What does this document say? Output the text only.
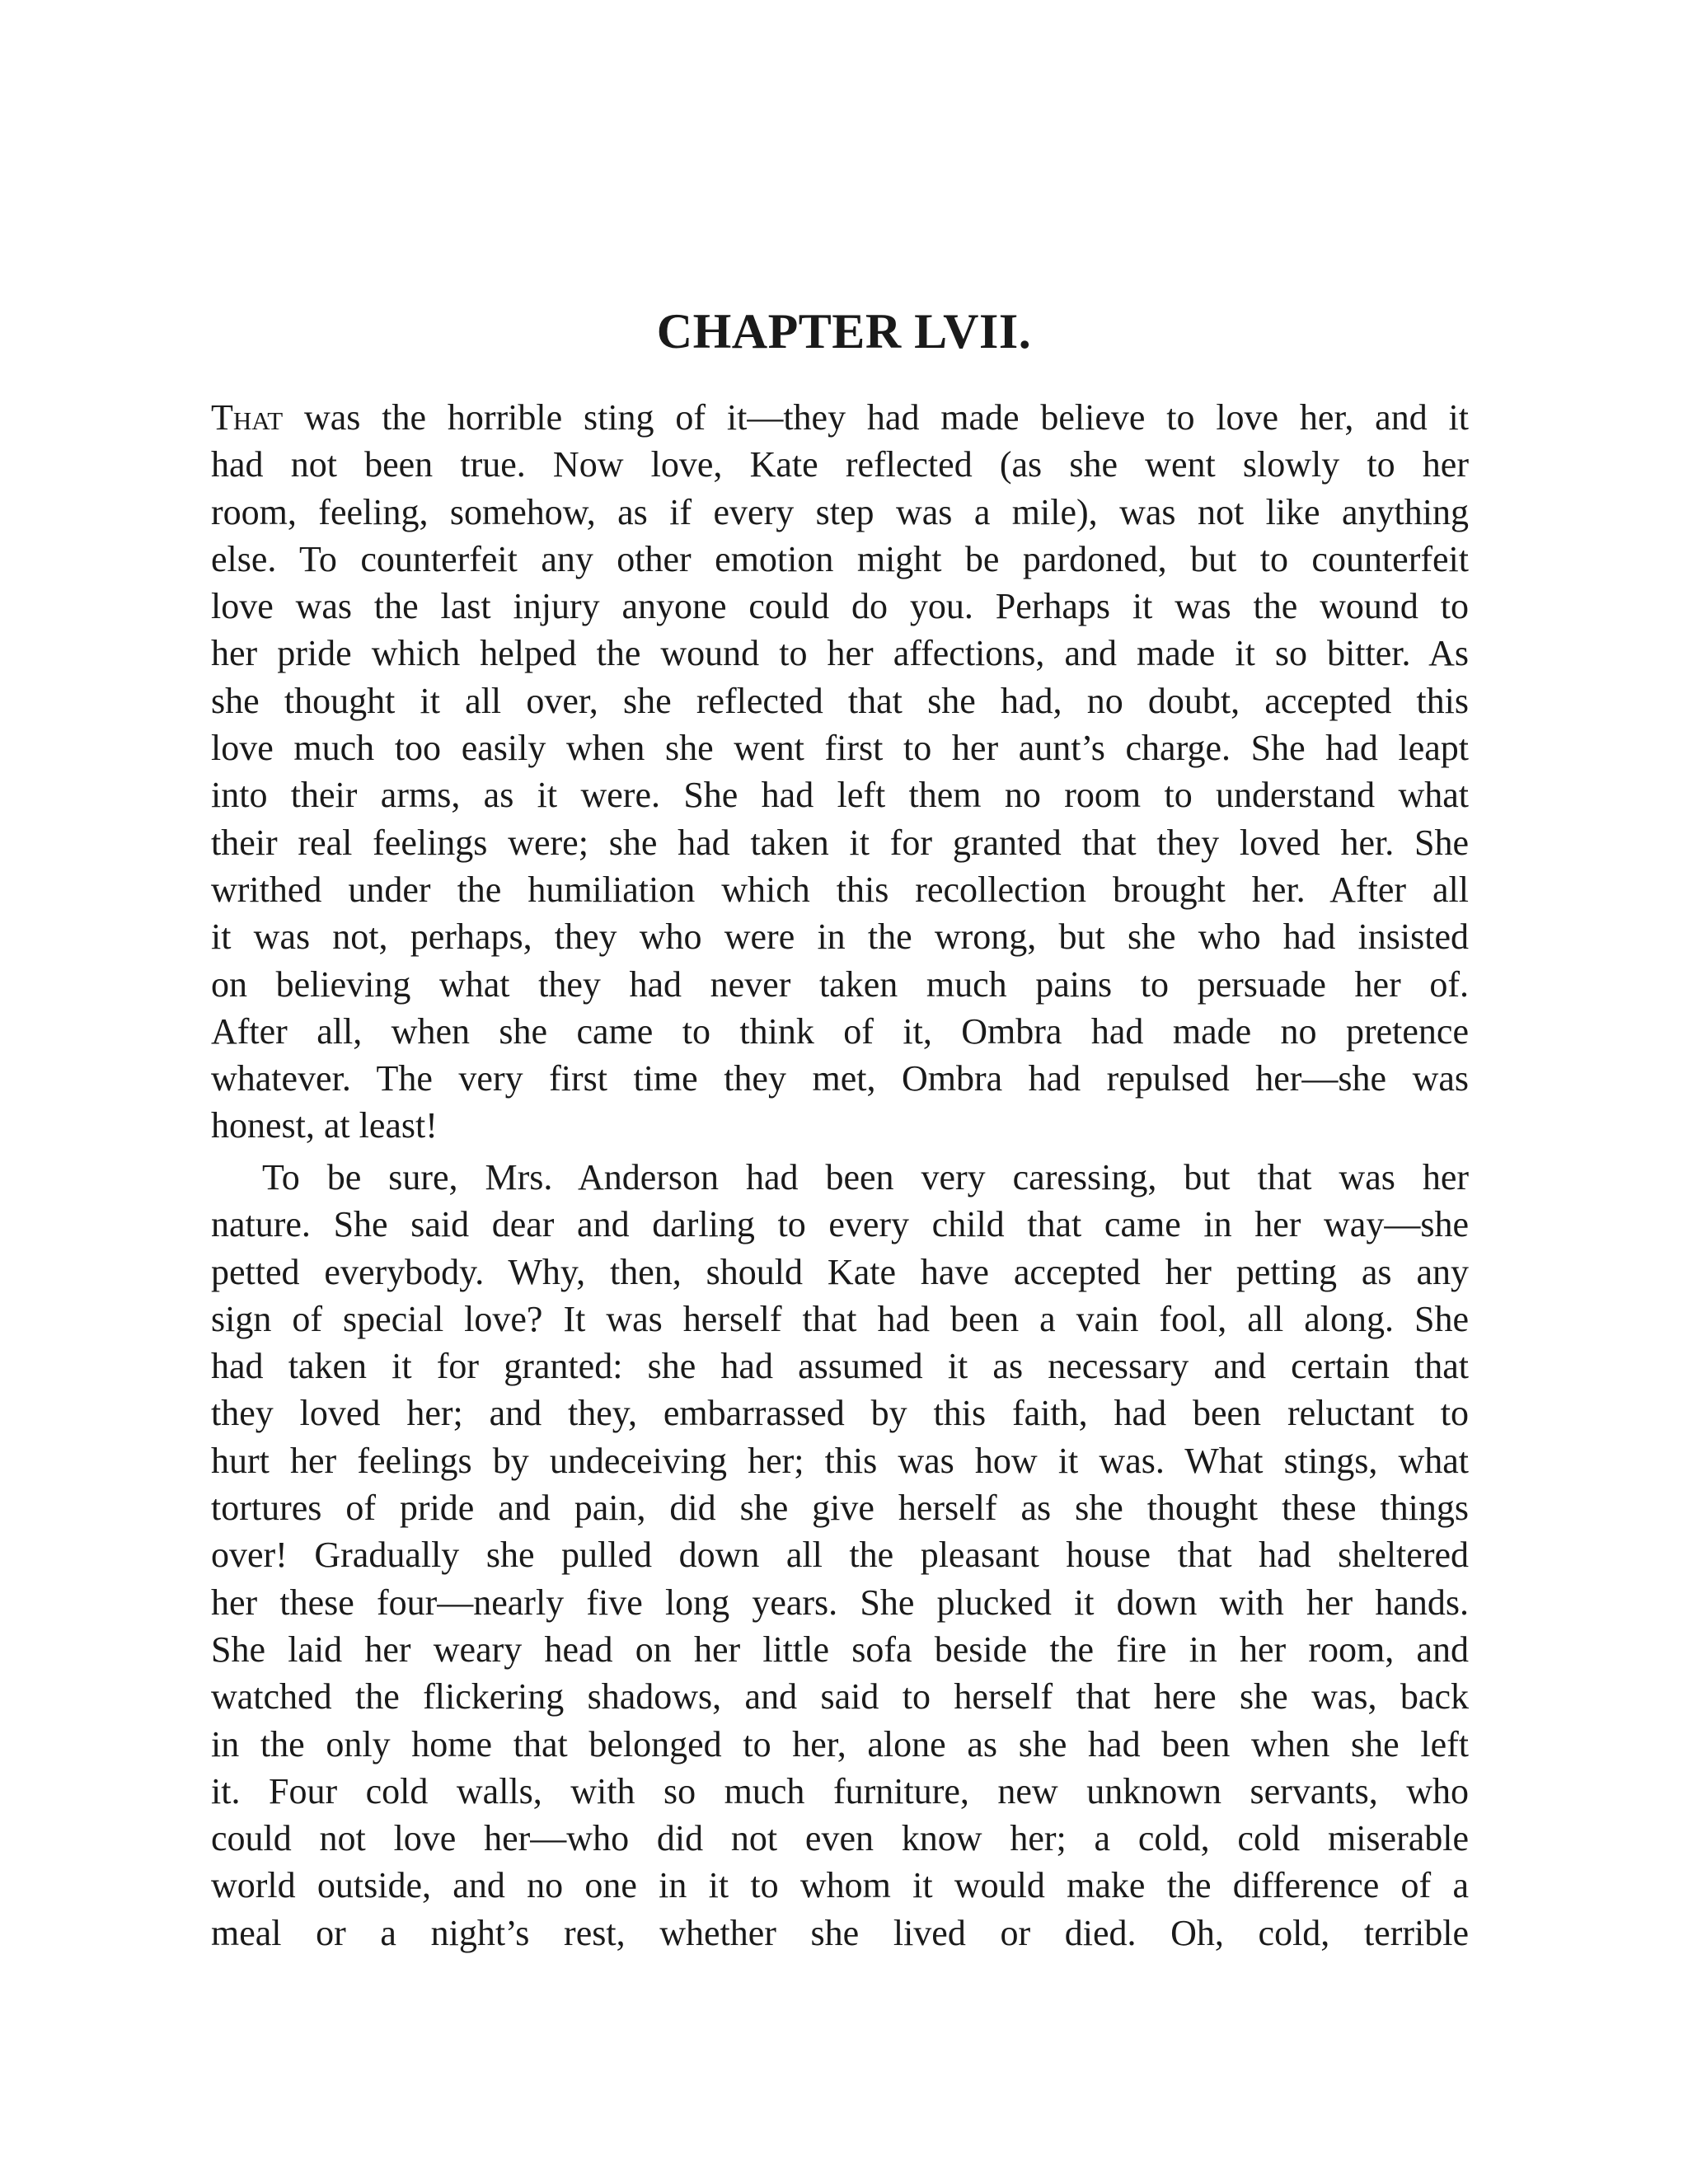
CHAPTER LVII.
That was the horrible sting of it—they had made believe to love her, and it
had not been true. Now love, Kate reflected (as she went slowly to her
room, feeling, somehow, as if every step was a mile), was not like anything
else. To counterfeit any other emotion might be pardoned, but to counterfeit
love was the last injury anyone could do you. Perhaps it was the wound to
her pride which helped the wound to her affections, and made it so bitter. As
she thought it all over, she reflected that she had, no doubt, accepted this
love much too easily when she went first to her aunt’s charge. She had leapt
into their arms, as it were. She had left them no room to understand what
their real feelings were; she had taken it for granted that they loved her. She
writhed under the humiliation which this recollection brought her. After all
it was not, perhaps, they who were in the wrong, but she who had insisted
on believing what they had never taken much pains to persuade her of.
After all, when she came to think of it, Ombra had made no pretence
whatever. The very first time they met, Ombra had repulsed her—she was
honest, at least!
To be sure, Mrs. Anderson had been very caressing, but that was her
nature. She said dear and darling to every child that came in her way—she
petted everybody. Why, then, should Kate have accepted her petting as any
sign of special love? It was herself that had been a vain fool, all along. She
had taken it for granted: she had assumed it as necessary and certain that
they loved her; and they, embarrassed by this faith, had been reluctant to
hurt her feelings by undeceiving her; this was how it was. What stings, what
tortures of pride and pain, did she give herself as she thought these things
over! Gradually she pulled down all the pleasant house that had sheltered
her these four—nearly five long years. She plucked it down with her hands.
She laid her weary head on her little sofa beside the fire in her room, and
watched the flickering shadows, and said to herself that here she was, back
in the only home that belonged to her, alone as she had been when she left
it. Four cold walls, with so much furniture, new unknown servants, who
could not love her—who did not even know her; a cold, cold miserable
world outside, and no one in it to whom it would make the difference of a
meal or a night’s rest, whether she lived or died. Oh, cold, terrible
